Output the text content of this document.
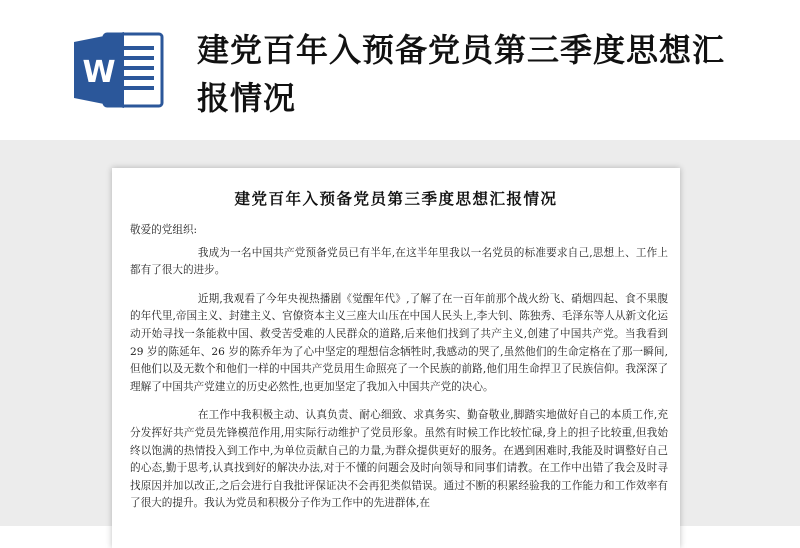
W
建党百年入预备党员第三季度思想汇报情况
建党百年入预备党员第三季度思想汇报情况

敬爱的党组织:

我成为一名中国共产党预备党员已有半年,在这半年里我以一名党员的标准要求自己,思想上、工作上都有了很大的进步。

近期,我观看了今年央视热播剧《觉醒年代》,了解了在一百年前那个战火纷飞、硝烟四起、食不果腹的年代里,帝国主义、封建主义、官僚资本主义三座大山压在中国人民头上,李大钊、陈独秀、毛泽东等人从新文化运动开始寻找一条能救中国、救受苦受难的人民群众的道路,后来他们找到了共产主义,创建了中国共产党。当我看到 29 岁的陈延年、26 岁的陈乔年为了心中坚定的理想信念牺牲时,我感动的哭了,虽然他们的生命定格在了那一瞬间,但他们以及无数个和他们一样的中国共产党员用生命照亮了一个民族的前路,他们用生命捍卫了民族信仰。我深深了理解了中国共产党建立的历史必然性,也更加坚定了我加入中国共产党的决心。

在工作中我积极主动、认真负责、耐心细致、求真务实、勤奋敬业,脚踏实地做好自己的本质工作,充分发挥好共产党员先锋模范作用,用实际行动维护了党员形象。虽然有时候工作比较忙碌,身上的担子比较重,但我始终以饱满的热情投入到工作中,为单位贡献自己的力量,为群众提供更好的服务。在遇到困难时,我能及时调整好自己的心态,勤于思考,认真找到好的解决办法,对于不懂的问题会及时向领导和同事们请教。在工作中出错了我会及时寻找原因并加以改正,之后会进行自我批评保证决不会再犯类似错误。通过不断的积累经验我的工作能力和工作效率有了很大的提升。我认为党员和积极分子作为工作中的先进群体,在
